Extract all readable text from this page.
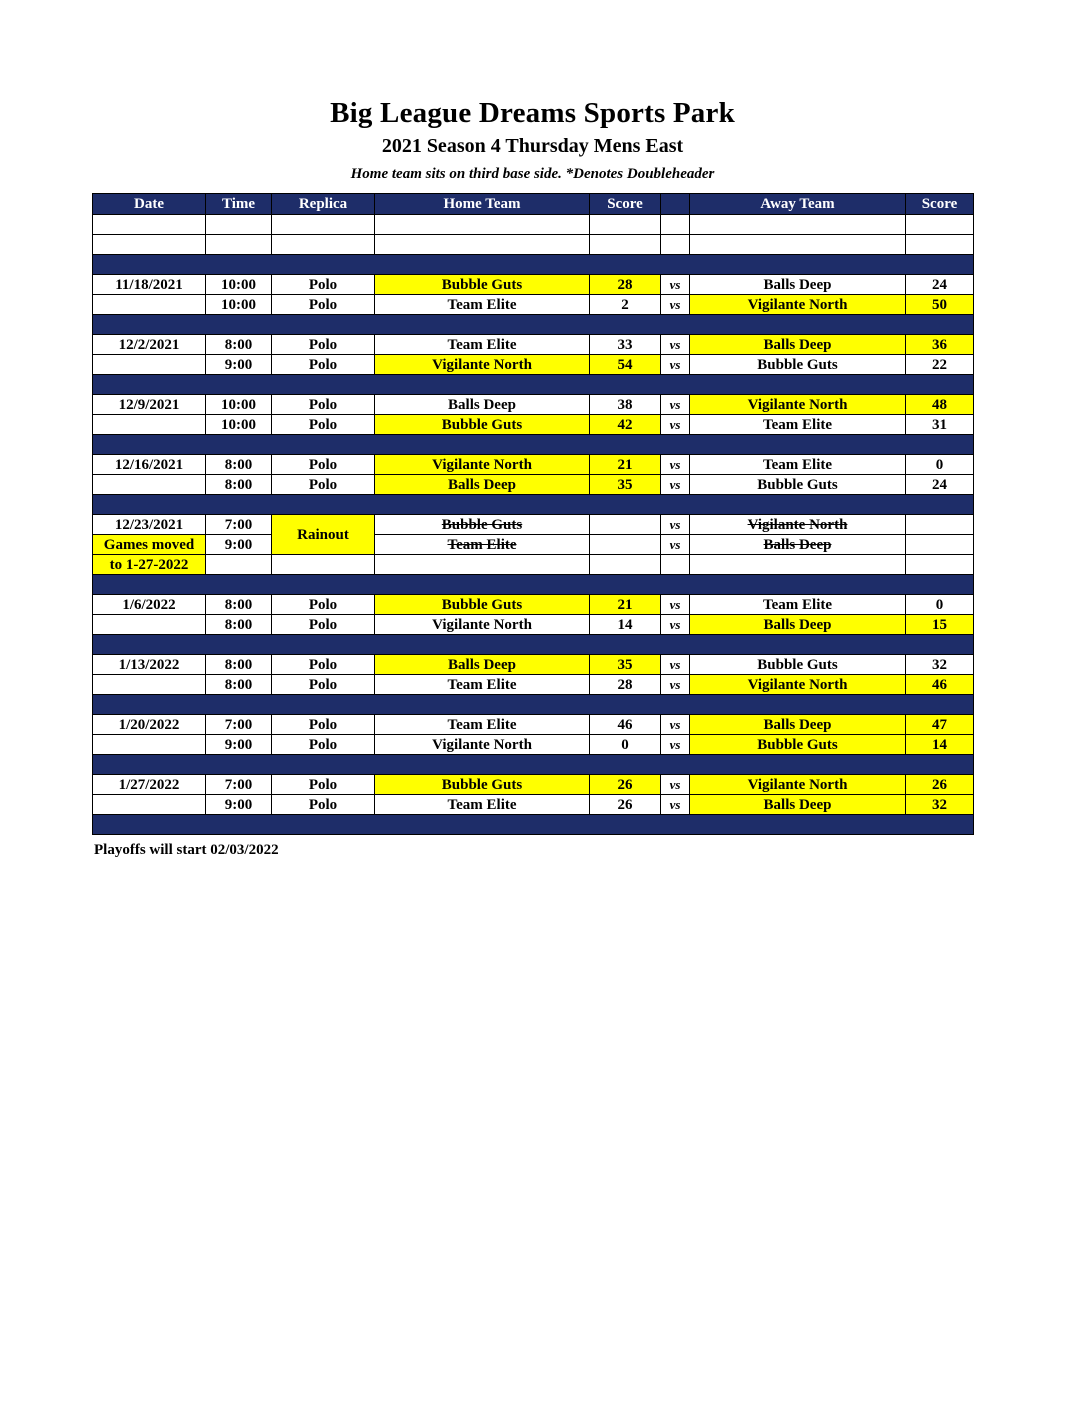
Big League Dreams Sports Park
2021 Season 4 Thursday Mens East
Home team sits on third base side. *Denotes Doubleheader
Date	Time	Replica	Home Team	Score		Away Team	Score

11/18/2021	10:00	Polo	Bubble Guts	28	vs	Balls Deep	24
	10:00	Polo	Team Elite	2	vs	Vigilante North	50

12/2/2021	8:00	Polo	Team Elite	33	vs	Balls Deep	36
	9:00	Polo	Vigilante North	54	vs	Bubble Guts	22

12/9/2021	10:00	Polo	Balls Deep	38	vs	Vigilante North	48
	10:00	Polo	Bubble Guts	42	vs	Team Elite	31

12/16/2021	8:00	Polo	Vigilante North	21	vs	Team Elite	0
	8:00	Polo	Balls Deep	35	vs	Bubble Guts	24

12/23/2021	7:00	Rainout	Bubble Guts		vs	Vigilante North	
Games moved	9:00		Team Elite		vs	Balls Deep	
to 1-27-2022							

1/6/2022	8:00	Polo	Bubble Guts	21	vs	Team Elite	0
	8:00	Polo	Vigilante North	14	vs	Balls Deep	15

1/13/2022	8:00	Polo	Balls Deep	35	vs	Bubble Guts	32
	8:00	Polo	Team Elite	28	vs	Vigilante North	46

1/20/2022	7:00	Polo	Team Elite	46	vs	Balls Deep	47
	9:00	Polo	Vigilante North	0	vs	Bubble Guts	14

1/27/2022	7:00	Polo	Bubble Guts	26	vs	Vigilante North	26
	9:00	Polo	Team Elite	26	vs	Balls Deep	32

Playoffs will start 02/03/2022
